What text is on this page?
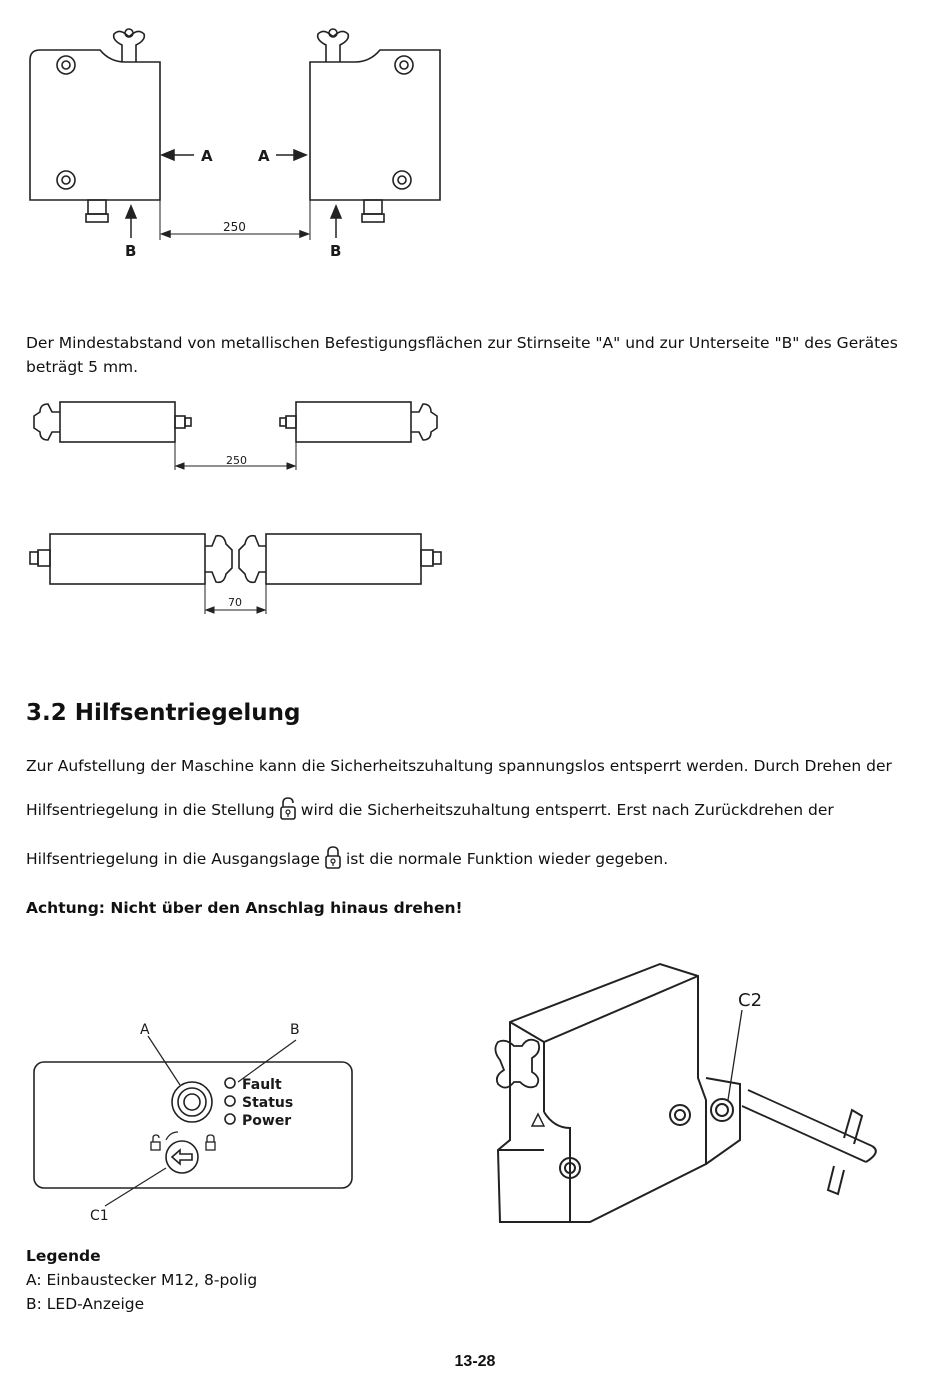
A	A
B	B
250
Der Mindestabstand von metallischen Befestigungsflächen zur Stirnseite "A" und zur Unterseite "B" des Gerätes
beträgt 5 mm.
250
70
3.2 Hilfsentriegelung
Zur Aufstellung der Maschine kann die Sicherheitszuhaltung spannungslos entsperrt werden. Durch Drehen der
Hilfsentriegelung in die Stellung wird die Sicherheitszuhaltung entsperrt. Erst nach Zurückdrehen der
Hilfsentriegelung in die Ausgangslage ist die normale Funktion wieder gegeben.
Achtung: Nicht über den Anschlag hinaus drehen!
A	B
C1
Fault
Status
Power
C2
Legende
A: Einbaustecker M12, 8-polig
B: LED-Anzeige
13-28
